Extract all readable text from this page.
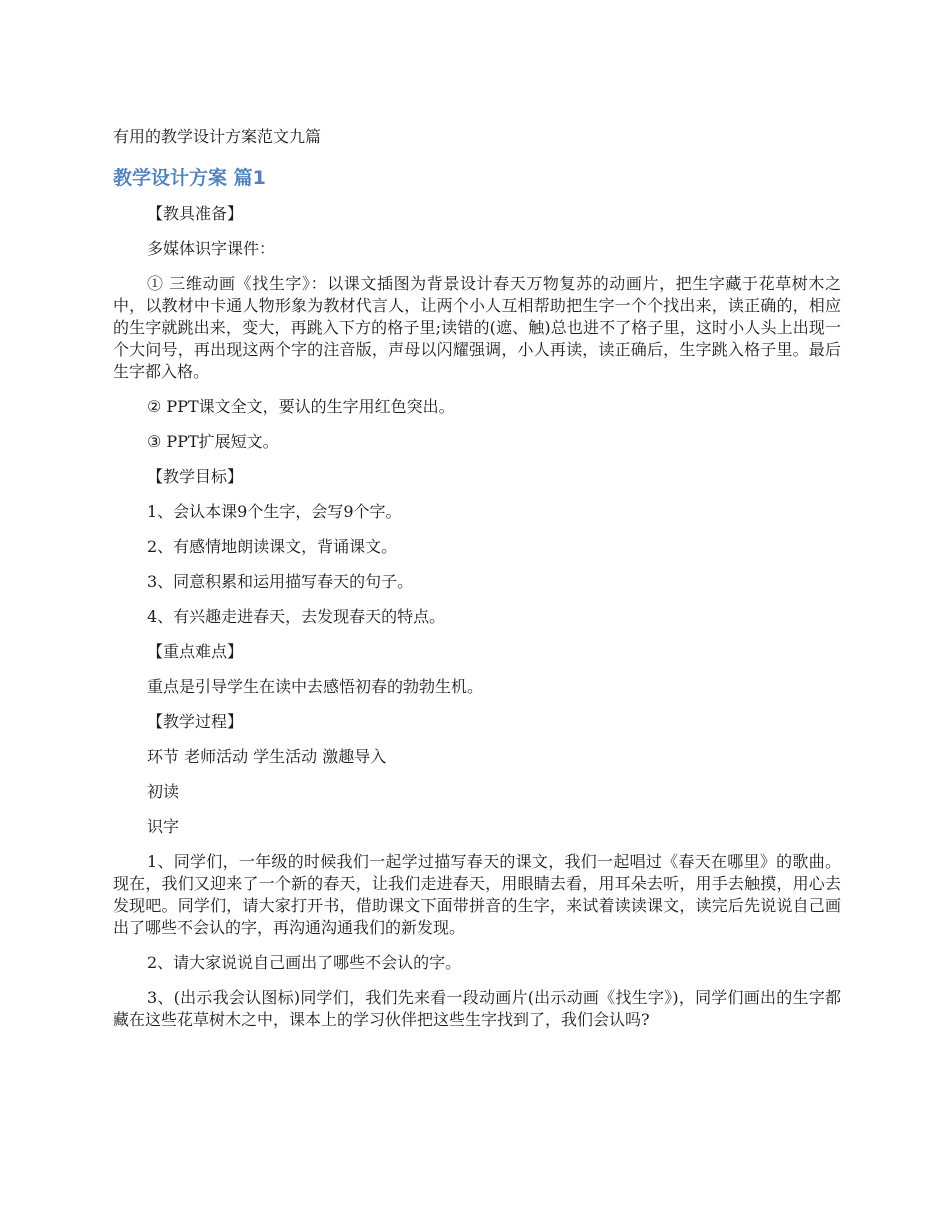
有用的教学设计方案范文九篇
教学设计方案 篇1

【教具准备】

多媒体识字课件：

① 三维动画《找生字》：以课文插图为背景设计春天万物复苏的动画片，把生字藏于花草树木之中，以教材中卡通人物形象为教材代言人，让两个小人互相帮助把生字一个个找出来，读正确的，相应的生字就跳出来，变大，再跳入下方的格子里;读错的(遮、触)总也进不了格子里，这时小人头上出现一个大问号，再出现这两个字的注音版，声母以闪耀强调，小人再读，读正确后，生字跳入格子里。最后生字都入格。

② PPT课文全文，要认的生字用红色突出。

③ PPT扩展短文。

【教学目标】

1、会认本课9个生字，会写9个字。

2、有感情地朗读课文，背诵课文。

3、同意积累和运用描写春天的句子。

4、有兴趣走进春天，去发现春天的特点。

【重点难点】

重点是引导学生在读中去感悟初春的勃勃生机。

【教学过程】

环节 老师活动 学生活动 激趣导入

初读

识字

1、同学们，一年级的时候我们一起学过描写春天的课文，我们一起唱过《春天在哪里》的歌曲。现在，我们又迎来了一个新的春天，让我们走进春天，用眼睛去看，用耳朵去听，用手去触摸，用心去发现吧。同学们，请大家打开书，借助课文下面带拼音的生字，来试着读读课文，读完后先说说自己画出了哪些不会认的字，再沟通沟通我们的新发现。

2、请大家说说自己画出了哪些不会认的字。

3、(出示我会认图标)同学们，我们先来看一段动画片(出示动画《找生字》)，同学们画出的生字都藏在这些花草树木之中，课本上的学习伙伴把这些生字找到了，我们会认吗?
